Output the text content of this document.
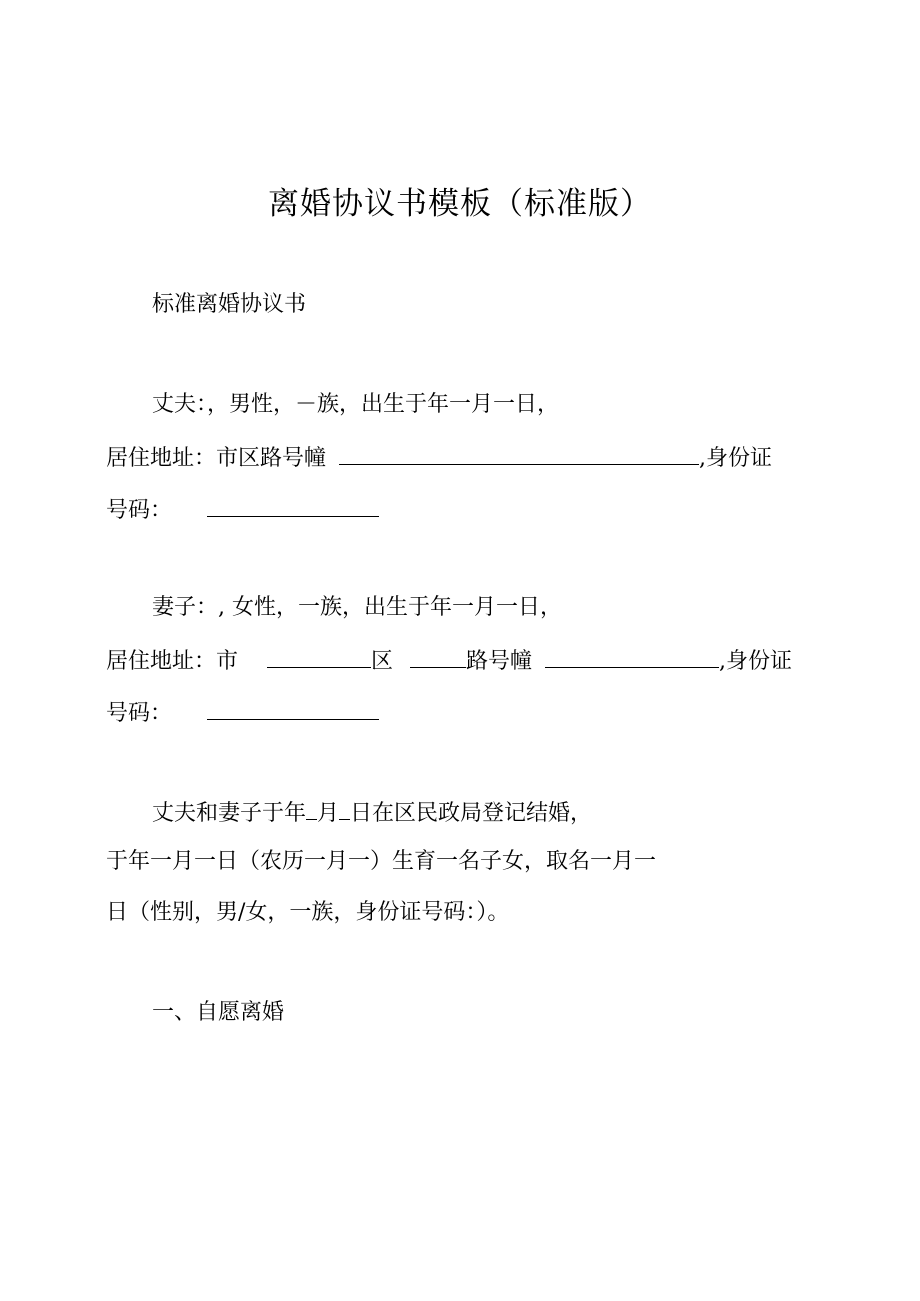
离婚协议书模板（标准版）
标准离婚协议书
丈夫：，男性，－族，出生于年一月一日，
居住地址：市区路号幢	,身份证
号码：
妻子：, 女性，一族，出生于年一月一日，
居住地址：市	区	路号幢	,身份证
号码：
丈夫和妻子于年 月 日在区民政局登记结婚，
于年一月一日（农历一月一）生育一名子女，取名一月一
日（性别，男/女，一族，身份证号码：）。
一、自愿离婚
